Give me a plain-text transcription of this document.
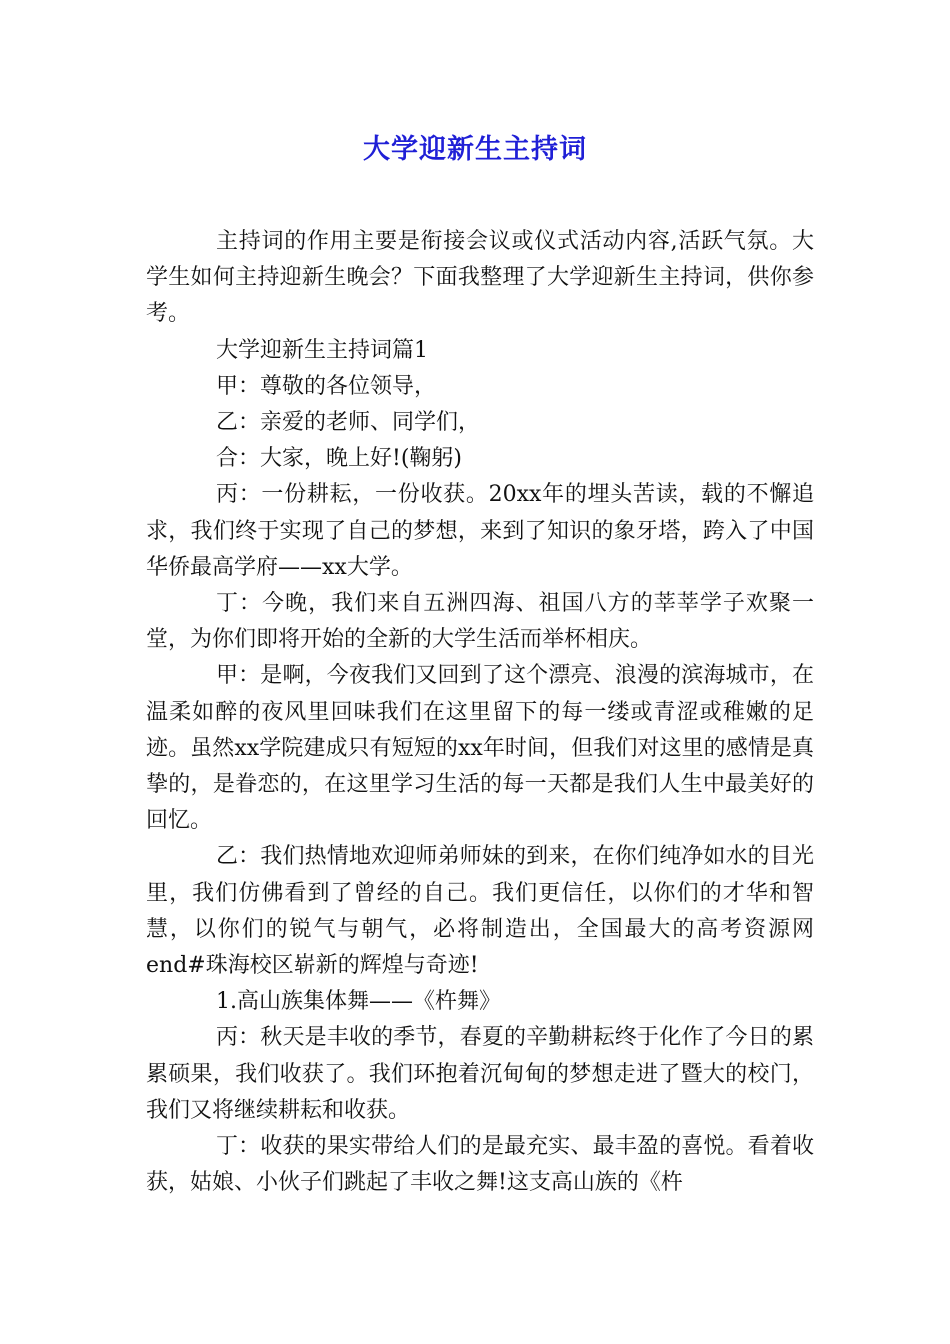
大学迎新生主持词

主持词的作用主要是衔接会议或仪式活动内容,活跃气氛。大学生如何主持迎新生晚会？下面我整理了大学迎新生主持词，供你参考。

大学迎新生主持词篇1

甲：尊敬的各位领导，

乙：亲爱的老师、同学们，

合：大家，晚上好!(鞠躬)

丙：一份耕耘，一份收获。20xx年的埋头苦读，载的不懈追求，我们终于实现了自己的梦想，来到了知识的象牙塔，跨入了中国华侨最高学府——xx大学。

丁：今晚，我们来自五洲四海、祖国八方的莘莘学子欢聚一堂，为你们即将开始的全新的大学生活而举杯相庆。

甲：是啊，今夜我们又回到了这个漂亮、浪漫的滨海城市，在温柔如醉的夜风里回味我们在这里留下的每一缕或青涩或稚嫩的足迹。虽然xx学院建成只有短短的xx年时间，但我们对这里的感情是真挚的，是眷恋的，在这里学习生活的每一天都是我们人生中最美好的回忆。

乙：我们热情地欢迎师弟师妹的到来，在你们纯净如水的目光里，我们仿佛看到了曾经的自己。我们更信任，以你们的才华和智慧，以你们的锐气与朝气，必将制造出，全国最大的高考资源网 end#珠海校区崭新的辉煌与奇迹!

1.高山族集体舞——《杵舞》

丙：秋天是丰收的季节，春夏的辛勤耕耘终于化作了今日的累累硕果，我们收获了。我们环抱着沉甸甸的梦想走进了暨大的校门，我们又将继续耕耘和收获。

丁：收获的果实带给人们的是最充实、最丰盈的喜悦。看着收获，姑娘、小伙子们跳起了丰收之舞!这支高山族的《杵
